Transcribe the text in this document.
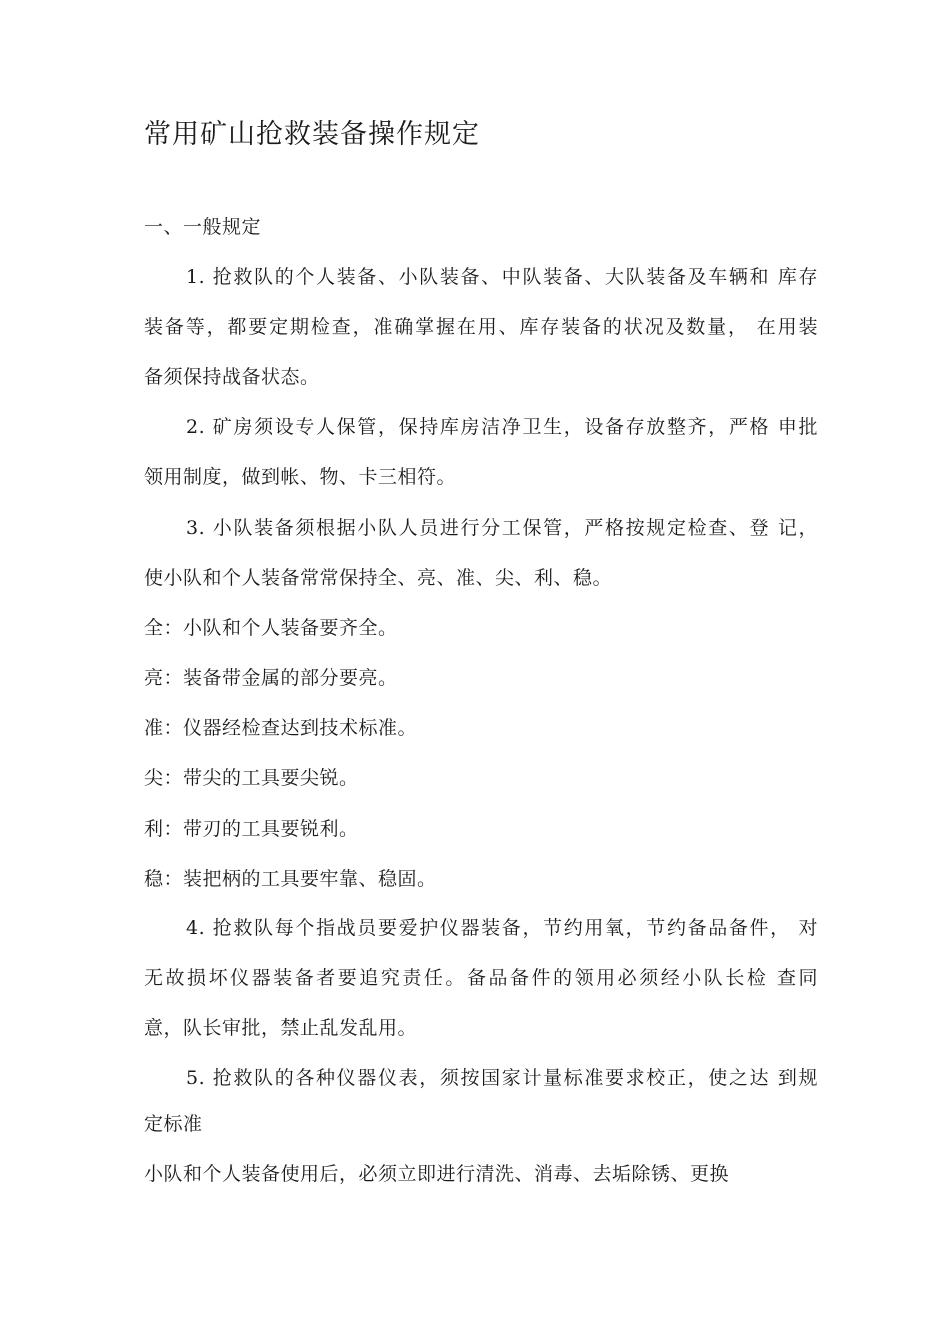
常用矿山抢救装备操作规定
一、一般规定
1. 抢救队的个人装备、小队装备、中队装备、大队装备及车辆和 库存
装备等，都要定期检查，准确掌握在用、库存装备的状况及数量， 在用装
备须保持战备状态。
2. 矿房须设专人保管，保持库房洁净卫生，设备存放整齐，严格 申批
领用制度，做到帐、物、卡三相符。
3. 小队装备须根据小队人员进行分工保管，严格按规定检查、登 记，
使小队和个人装备常常保持全、亮、准、尖、利、稳。
全：小队和个人装备要齐全。
亮：装备带金属的部分要亮。
准：仪器经检查达到技术标准。
尖：带尖的工具要尖锐。
利：带刃的工具要锐利。
稳：装把柄的工具要牢靠、稳固。
4. 抢救队每个指战员要爱护仪器装备，节约用氧，节约备品备件， 对
无故损坏仪器装备者要追究责任。备品备件的领用必须经小队长检 查同
意，队长审批，禁止乱发乱用。
5. 抢救队的各种仪器仪表，须按国家计量标准要求校正，使之达 到规
定标准
小队和个人装备使用后，必须立即进行清洗、消毒、去垢除锈、更换
